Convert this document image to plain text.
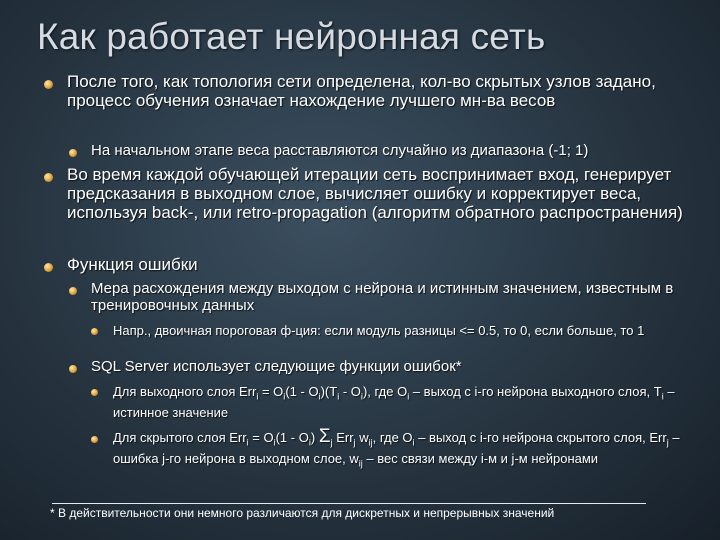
Как работает нейронная сеть
После того, как топология сети определена, кол-во скрытых узлов задано, процесс обучения означает нахождение лучшего мн-ва весов
На начальном этапе веса расставляются случайно из диапазона (-1; 1)
Во время каждой обучающей итерации сеть воспринимает вход, генерирует предсказания в выходном слое, вычисляет ошибку и корректирует веса, используя back-, или retro-propagation (алгоритм обратного распространения)
Функция ошибки
Мера расхождения между выходом с нейрона и истинным значением, известным в тренировочных данных
Напр., двоичная пороговая ф-ция: если модуль разницы <= 0.5, то 0, если больше, то 1
SQL Server использует следующие функции ошибок*
Для выходного слоя $Err_i = O_i(1 - O_i)(T_i - O_i)$, где $O_i$ – выход с i-го нейрона выходного слоя, $T_i$ – истинное значение
Для скрытого слоя $Err_i = O_i(1 - O_i)$ $\Sigma_j$ Err$_j$ $w_{ij}$, где $O_i$ – выход с i-го нейрона скрытого слоя, Err$_j$ – ошибка j-го нейрона в выходном слое, $w_{ij}$ – вес связи между i-м и j-м нейронами
* В действительности они немного различаются для дискретных и непрерывных значений
